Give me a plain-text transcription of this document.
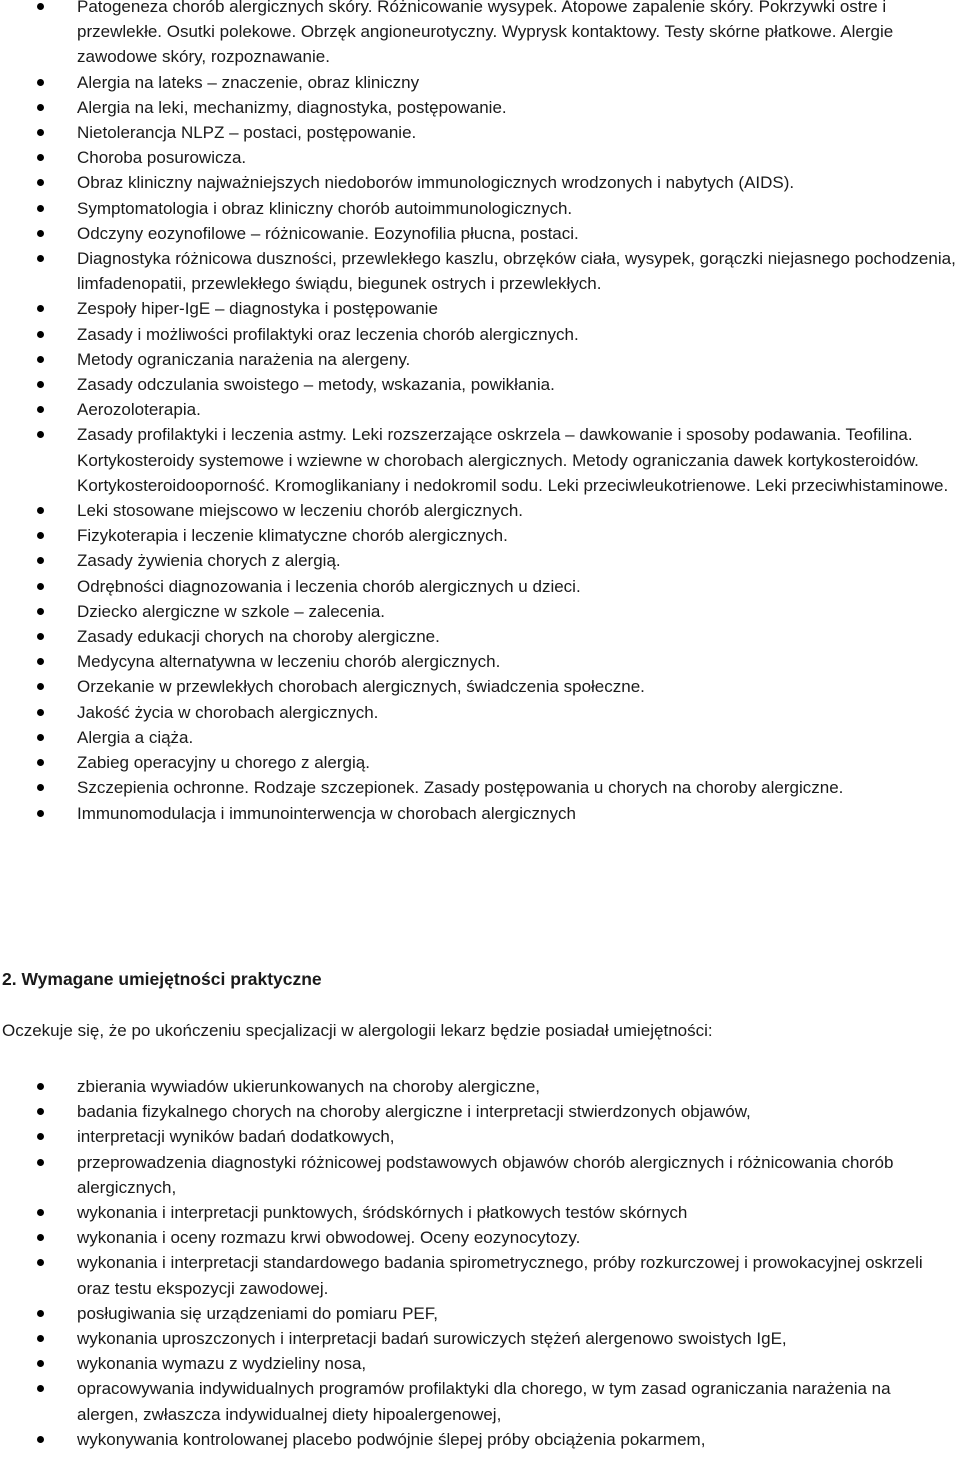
Patogeneza chorób alergicznych skóry. Różnicowanie wysypek. Atopowe zapalenie skóry. Pokrzywki ostre i przewlekłe. Osutki polekowe. Obrzęk angioneurotyczny. Wyprysk kontaktowy. Testy skórne płatkowe. Alergie zawodowe skóry, rozpoznawanie.
Alergia na lateks – znaczenie, obraz kliniczny
Alergia na leki, mechanizmy, diagnostyka, postępowanie.
Nietolerancja NLPZ – postaci, postępowanie.
Choroba posurowicza.
Obraz kliniczny najważniejszych niedoborów immunologicznych wrodzonych i nabytych (AIDS).
Symptomatologia i obraz kliniczny chorób autoimmunologicznych.
Odczyny eozynofilowe – różnicowanie. Eozynofilia płucna, postaci.
Diagnostyka różnicowa duszności, przewlekłego kaszlu, obrzęków ciała, wysypek, gorączki niejasnego pochodzenia, limfadenopatii, przewlekłego świądu, biegunek ostrych i przewlekłych.
Zespoły hiper-IgE – diagnostyka i postępowanie
Zasady i możliwości profilaktyki oraz leczenia chorób alergicznych.
Metody ograniczania narażenia na alergeny.
Zasady odczulania swoistego – metody, wskazania, powikłania.
Aerozoloterapia.
Zasady profilaktyki i leczenia astmy. Leki rozszerzające oskrzela – dawkowanie i sposoby podawania. Teofilina. Kortykosteroidy systemowe i wziewne w chorobach alergicznych. Metody ograniczania dawek kortykosteroidów. Kortykosteroidooporność. Kromoglikaniany i nedokromil sodu. Leki przeciwleukotrienowe. Leki przeciwhistaminowe.
Leki stosowane miejscowo w leczeniu chorób alergicznych.
Fizykoterapia i leczenie klimatyczne chorób alergicznych.
Zasady żywienia chorych z alergią.
Odrębności diagnozowania i leczenia chorób alergicznych u dzieci.
Dziecko alergiczne w szkole – zalecenia.
Zasady edukacji chorych na choroby alergiczne.
Medycyna alternatywna w leczeniu chorób alergicznych.
Orzekanie w przewlekłych chorobach alergicznych, świadczenia społeczne.
Jakość życia w chorobach alergicznych.
Alergia a ciąża.
Zabieg operacyjny u chorego z alergią.
Szczepienia ochronne. Rodzaje szczepionek. Zasady postępowania u chorych na choroby alergiczne.
Immunomodulacja i immunointerwencja w chorobach alergicznych
2. Wymagane umiejętności praktyczne

Oczekuje się, że po ukończeniu specjalizacji w alergologii lekarz będzie posiadał umiejętności:

zbierania wywiadów ukierunkowanych na choroby alergiczne,
badania fizykalnego chorych na choroby alergiczne i interpretacji stwierdzonych objawów,
interpretacji wyników badań dodatkowych,
przeprowadzenia diagnostyki różnicowej podstawowych objawów chorób alergicznych i różnicowania chorób alergicznych,
wykonania i interpretacji punktowych, śródskórnych i płatkowych testów skórnych
wykonania i oceny rozmazu krwi obwodowej. Oceny eozynocytozy.
wykonania i interpretacji standardowego badania spirometrycznego, próby rozkurczowej i prowokacyjnej oskrzeli oraz testu ekspozycji zawodowej.
posługiwania się urządzeniami do pomiaru PEF,
wykonania uproszczonych i interpretacji badań surowiczych stężeń alergenowo swoistych IgE,
wykonania wymazu z wydzieliny nosa,
opracowywania indywidualnych programów profilaktyki dla chorego, w tym zasad ograniczania narażenia na alergen, zwłaszcza indywidualnej diety hipoalergenowej,
wykonywania kontrolowanej placebo podwójnie ślepej próby obciążenia pokarmem,
